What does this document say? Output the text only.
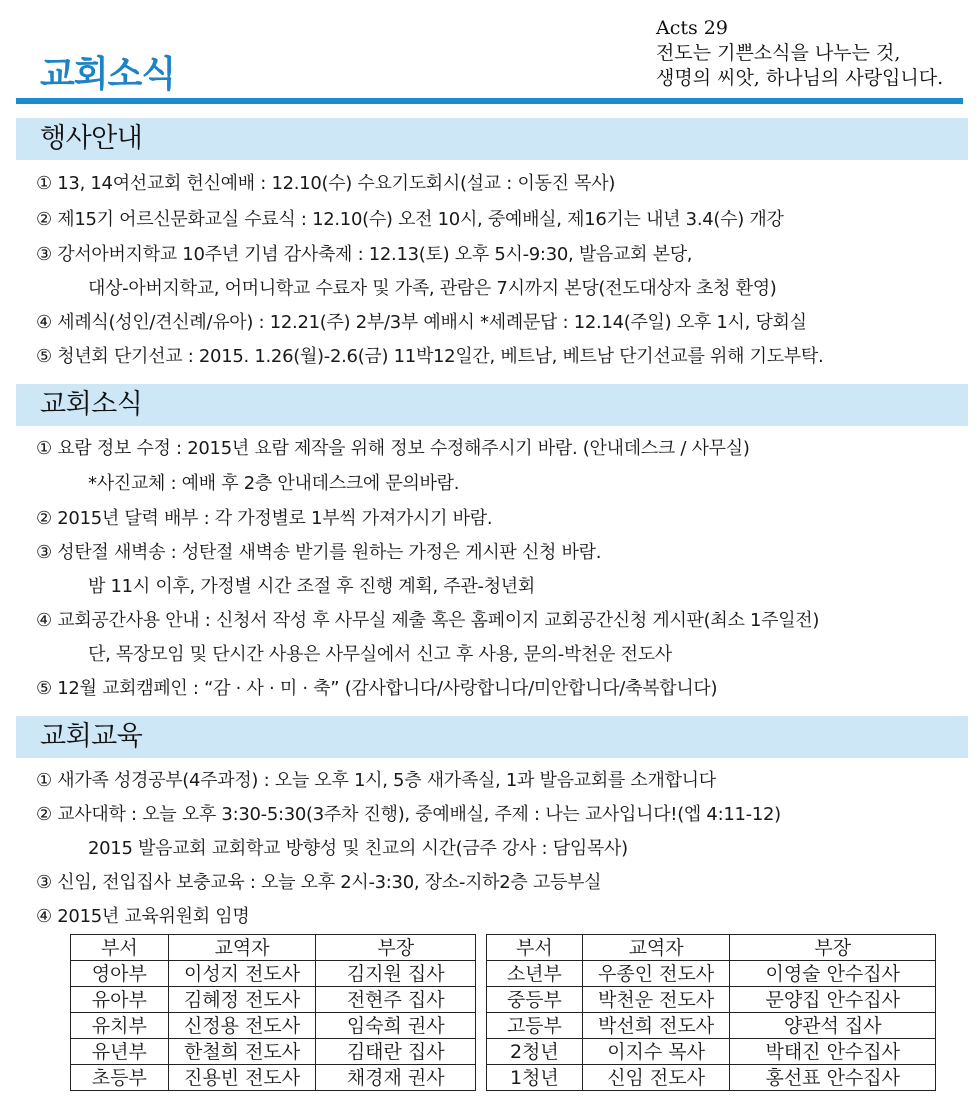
교회소식
Acts 29
전도는 기쁜소식을 나누는 것,
생명의 씨앗, 하나님의 사랑입니다.
행사안내
① 13, 14여선교회 헌신예배 : 12.10(수) 수요기도회시(설교 : 이동진 목사)
② 제15기 어르신문화교실 수료식 : 12.10(수) 오전 10시, 중예배실, 제16기는 내년 3.4(수) 개강
③ 강서아버지학교 10주년 기념 감사축제 : 12.13(토) 오후 5시-9:30, 발음교회 본당,
대상-아버지학교, 어머니학교 수료자 및 가족, 관람은 7시까지 본당(전도대상자 초청 환영)
④ 세례식(성인/견신례/유아) : 12.21(주) 2부/3부 예배시 *세례문답 : 12.14(주일) 오후 1시, 당회실
⑤ 청년회 단기선교 : 2015. 1.26(월)-2.6(금) 11박12일간, 베트남, 베트남 단기선교를 위해 기도부탁.
교회소식
① 요람 정보 수정 : 2015년 요람 제작을 위해 정보 수정해주시기 바람. (안내데스크 / 사무실)
*사진교체 : 예배 후 2층 안내데스크에 문의바람.
② 2015년 달력 배부 : 각 가정별로 1부씩 가져가시기 바람.
③ 성탄절 새벽송 : 성탄절 새벽송 받기를 원하는 가정은 게시판 신청 바람.
밤 11시 이후, 가정별 시간 조절 후 진행 계획, 주관-청년회
④ 교회공간사용 안내 : 신청서 작성 후 사무실 제출 혹은 홈페이지 교회공간신청 게시판(최소 1주일전)
단, 목장모임 및 단시간 사용은 사무실에서 신고 후 사용, 문의-박천운 전도사
⑤ 12월 교회캠페인 : “감 · 사 · 미 · 축” (감사합니다/사랑합니다/미안합니다/축복합니다)
교회교육
① 새가족 성경공부(4주과정) : 오늘 오후 1시, 5층 새가족실, 1과 발음교회를 소개합니다
② 교사대학 : 오늘 오후 3:30-5:30(3주차 진행), 중예배실, 주제 : 나는 교사입니다!(엡 4:11-12)
2015 발음교회 교회학교 방향성 및 친교의 시간(금주 강사 : 담임목사)
③ 신임, 전입집사 보충교육 : 오늘 오후 2시-3:30, 장소-지하2층 고등부실
④ 2015년 교육위원회 임명
부서	교역자	부장
영아부	이성지 전도사	김지원 집사
유아부	김혜정 전도사	전현주 집사
유치부	신정용 전도사	임숙희 권사
유년부	한철희 전도사	김태란 집사
초등부	진용빈 전도사	채경재 권사
부서	교역자	부장
소년부	우종인 전도사	이영술 안수집사
중등부	박천운 전도사	문양집 안수집사
고등부	박선희 전도사	양관석 집사
2청년	이지수 목사	박태진 안수집사
1청년	신임 전도사	홍선표 안수집사
